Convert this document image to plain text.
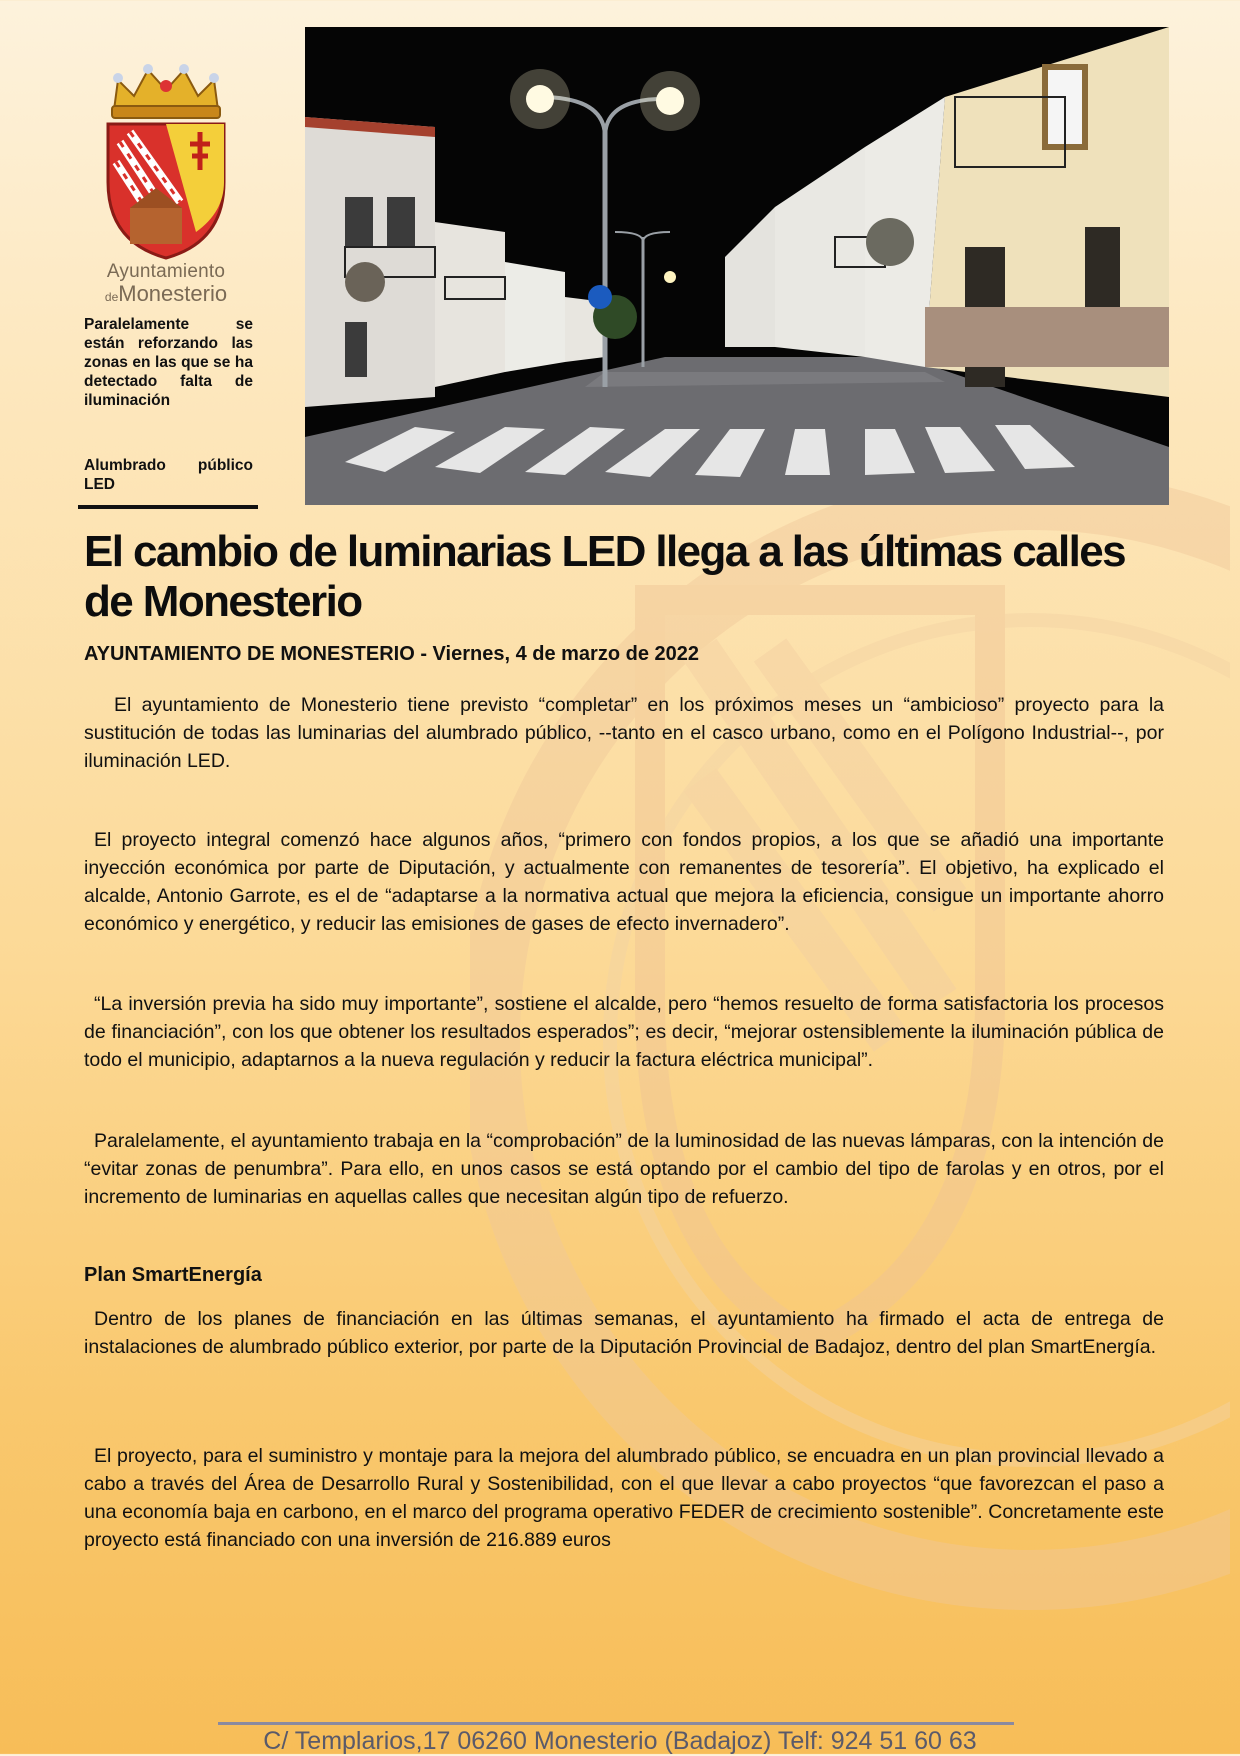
Ayuntamiento
deMonesterio
Paralelamente se están reforzando las zonas en las que se ha detectado falta de iluminación
Alumbrado público LED
El cambio de luminarias LED llega a las últimas calles de Monesterio
AYUNTAMIENTO DE MONESTERIO - Viernes, 4 de marzo de 2022

El ayuntamiento de Monesterio tiene previsto “completar” en los próximos meses un “ambicioso” proyecto para la sustitución de todas las luminarias del alumbrado público, --tanto en el casco urbano, como en el Polígono Industrial--, por iluminación LED.

El proyecto integral comenzó hace algunos años, “primero con fondos propios, a los que se añadió una importante inyección económica por parte de Diputación, y actualmente con remanentes de tesorería”. El objetivo, ha explicado el alcalde, Antonio Garrote, es el de “adaptarse a la normativa actual que mejora la eficiencia, consigue un importante ahorro económico y energético, y reducir las emisiones de gases de efecto invernadero”.

“La inversión previa ha sido muy importante”, sostiene el alcalde, pero “hemos resuelto de forma satisfactoria los procesos de financiación”, con los que obtener los resultados esperados”; es decir, “mejorar ostensiblemente la iluminación pública de todo el municipio, adaptarnos a la nueva regulación y reducir la factura eléctrica municipal”.

Paralelamente, el ayuntamiento trabaja en la “comprobación” de la luminosidad de las nuevas lámparas, con la intención de “evitar zonas de penumbra”. Para ello, en unos casos se está optando por el cambio del tipo de farolas y en otros, por el incremento de luminarias en aquellas calles que necesitan algún tipo de refuerzo.

Plan SmartEnergía

Dentro de los planes de financiación en las últimas semanas, el ayuntamiento ha firmado el acta de entrega de instalaciones de alumbrado público exterior, por parte de la Diputación Provincial de Badajoz, dentro del plan SmartEnergía.

El proyecto, para el suministro y montaje para la mejora del alumbrado público, se encuadra en un plan provincial llevado a cabo a través del Área de Desarrollo Rural y Sostenibilidad, con el que llevar a cabo proyectos “que favorezcan el paso a una economía baja en carbono, en el marco del programa operativo FEDER de crecimiento sostenible”. Concretamente este proyecto está financiado con una inversión de 216.889 euros

C/ Templarios,17 06260 Monesterio (Badajoz) Telf: 924 51 60 63
